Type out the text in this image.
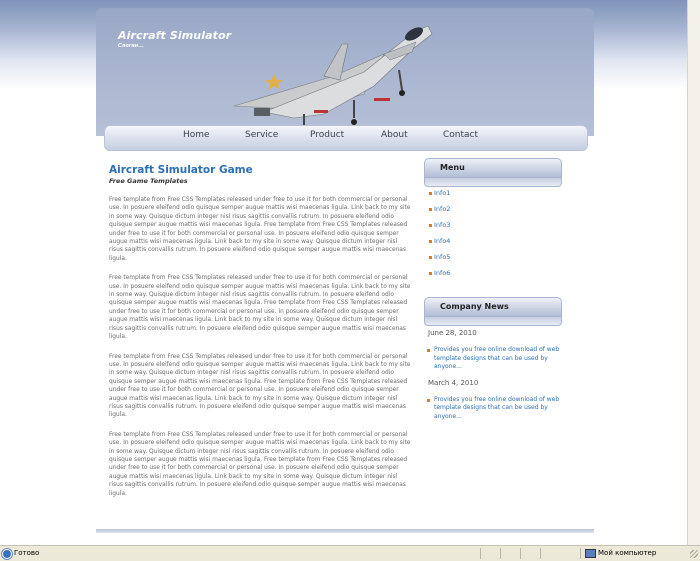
Aircraft Simulator
Слоган...
Home	Service	Product	About	Contact
Aircraft Simulator Game
Free Game Templates

Free template from Free CSS Templates released under free to use it for both commercial or personal use. In posuere eleifend odio quisque semper augue mattis wisi maecenas ligula. Link back to my site in some way. Quisque dictum integer nisl risus sagittis convallis rutrum. In posuere eleifend odio quisque semper augue mattis wisi maecenas ligula. Free template from Free CSS Templates released under free to use it for both commercial or personal use. In posuere eleifend odio quisque semper augue mattis wisi maecenas ligula. Link back to my site in some way. Quisque dictum integer nisl risus sagittis convallis rutrum. In posuere eleifend odio quisque semper augue mattis wisi maecenas ligula.

Free template from Free CSS Templates released under free to use it for both commercial or personal use. In posuere eleifend odio quisque semper augue mattis wisi maecenas ligula. Link back to my site in some way. Quisque dictum integer nisl risus sagittis convallis rutrum. In posuere eleifend odio quisque semper augue mattis wisi maecenas ligula. Free template from Free CSS Templates released under free to use it for both commercial or personal use. In posuere eleifend odio quisque semper augue mattis wisi maecenas ligula. Link back to my site in some way. Quisque dictum integer nisl risus sagittis convallis rutrum. In posuere eleifend odio quisque semper augue mattis wisi maecenas ligula.

Free template from Free CSS Templates released under free to use it for both commercial or personal use. In posuere eleifend odio quisque semper augue mattis wisi maecenas ligula. Link back to my site in some way. Quisque dictum integer nisl risus sagittis convallis rutrum. In posuere eleifend odio quisque semper augue mattis wisi maecenas ligula. Free template from Free CSS Templates released under free to use it for both commercial or personal use. In posuere eleifend odio quisque semper augue mattis wisi maecenas ligula. Link back to my site in some way. Quisque dictum integer nisl risus sagittis convallis rutrum. In posuere eleifend odio quisque semper augue mattis wisi maecenas ligula.

Free template from Free CSS Templates released under free to use it for both commercial or personal use. In posuere eleifend odio quisque semper augue mattis wisi maecenas ligula. Link back to my site in some way. Quisque dictum integer nisl risus sagittis convallis rutrum. In posuere eleifend odio quisque semper augue mattis wisi maecenas ligula. Free template from Free CSS Templates released under free to use it for both commercial or personal use. In posuere eleifend odio quisque semper augue mattis wisi maecenas ligula. Link back to my site in some way. Quisque dictum integer nisl risus sagittis convallis rutrum. In posuere eleifend odio quisque semper augue mattis wisi maecenas ligula.

Menu
Info1
Info2
Info3
Info4
Info5
Info6
Company News
June 28, 2010
Provides you free online download of web template designs that can be used by anyone...
March 4, 2010
Provides you free online download of web template designs that can be used by anyone...
Готово	Мой компьютер
